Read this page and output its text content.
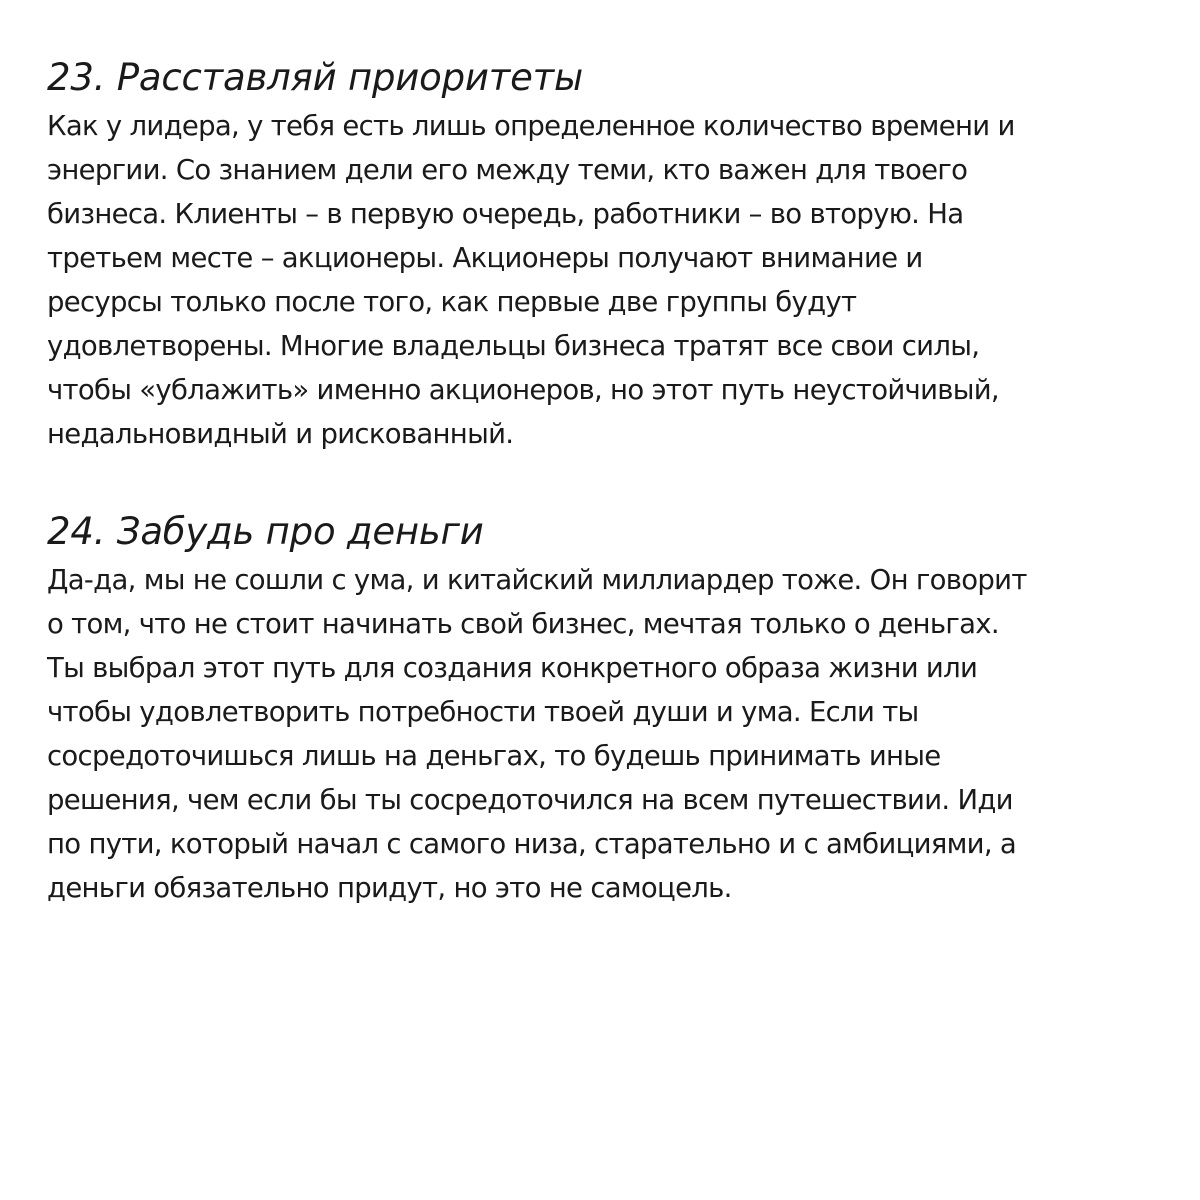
23. Расставляй приоритеты
Как у лидера, у тебя есть лишь определенное количество времени и
энергии. Со знанием дели его между теми, кто важен для твоего
бизнеса. Клиенты – в первую очередь, работники – во вторую. На
третьем месте – акционеры. Акционеры получают внимание и
ресурсы только после того, как первые две группы будут
удовлетворены. Многие владельцы бизнеса тратят все свои силы,
чтобы «ублажить» именно акционеров, но этот путь неустойчивый,
недальновидный и рискованный.
24. Забудь про деньги
Да-да, мы не сошли с ума, и китайский миллиардер тоже. Он говорит
о том, что не стоит начинать свой бизнес, мечтая только о деньгах.
Ты выбрал этот путь для создания конкретного образа жизни или
чтобы удовлетворить потребности твоей души и ума. Если ты
сосредоточишься лишь на деньгах, то будешь принимать иные
решения, чем если бы ты сосредоточился на всем путешествии. Иди
по пути, который начал с самого низа, старательно и с амбициями, а
деньги обязательно придут, но это не самоцель.
